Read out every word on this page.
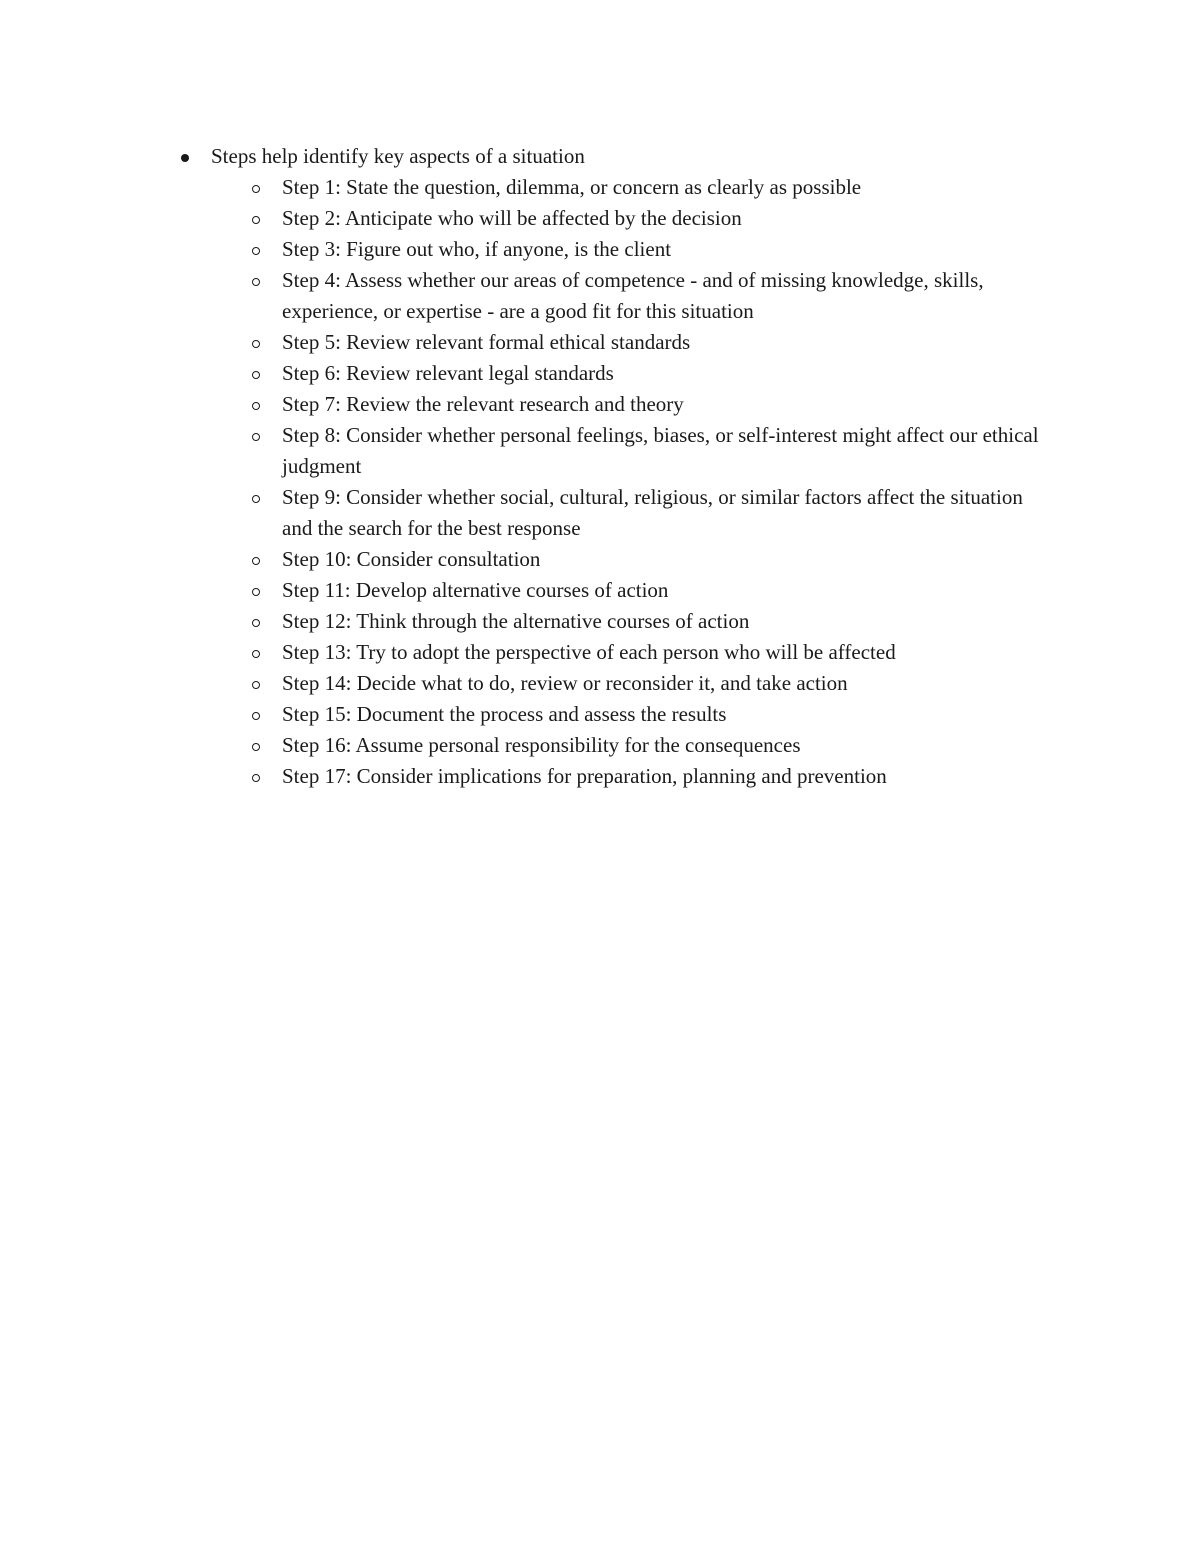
Steps help identify key aspects of a situation
Step 1: State the question, dilemma, or concern as clearly as possible
Step 2: Anticipate who will be affected by the decision
Step 3: Figure out who, if anyone, is the client
Step 4: Assess whether our areas of competence - and of missing knowledge, skills, experience, or expertise - are a good fit for this situation
Step 5: Review relevant formal ethical standards
Step 6: Review relevant legal standards
Step 7: Review the relevant research and theory
Step 8: Consider whether personal feelings, biases, or self-interest might affect our ethical judgment
Step 9: Consider whether social, cultural, religious, or similar factors affect the situation and the search for the best response
Step 10: Consider consultation
Step 11: Develop alternative courses of action
Step 12: Think through the alternative courses of action
Step 13: Try to adopt the perspective of each person who will be affected
Step 14: Decide what to do, review or reconsider it, and take action
Step 15: Document the process and assess the results
Step 16: Assume personal responsibility for the consequences
Step 17: Consider implications for preparation, planning and prevention
